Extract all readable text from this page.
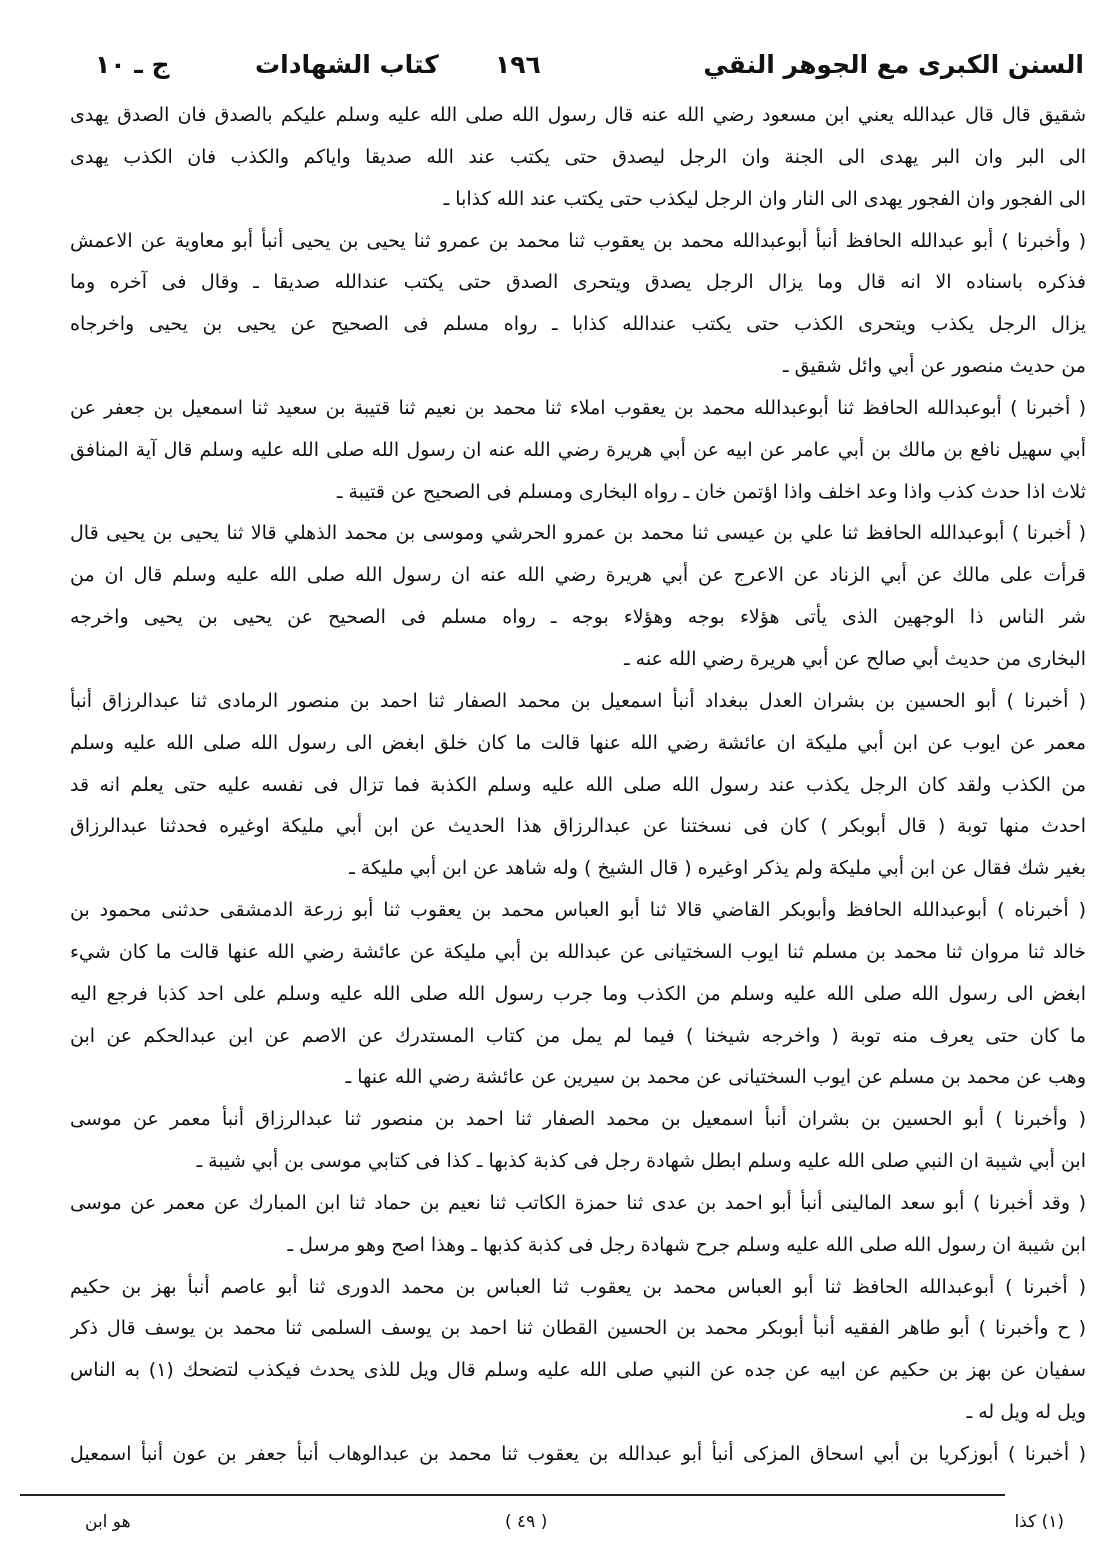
السنن الكبرى مع الجوهر النقي
١٩٦
كتاب الشهادات
ج ـ ١٠
شقيق قال قال عبدالله يعني ابن مسعود رضي الله عنه قال رسول الله صلى الله عليه وسلم عليكم بالصدق فان الصدق يهدى
الى البر وان البر يهدى الى الجنة وان الرجل ليصدق حتى يكتب عند الله صديقا واياكم والكذب فان الكذب يهدى
الى الفجور وان الفجور يهدى الى النار وان الرجل ليكذب حتى يكتب عند الله كذابا ـ
( وأخبرنا ) أبو عبدالله الحافظ أنبأ أبوعبدالله محمد بن يعقوب ثنا محمد بن عمرو ثنا يحيى بن يحيى أنبأ أبو معاوية عن الاعمش
فذكره باسناده الا انه قال وما يزال الرجل يصدق ويتحرى الصدق حتى يكتب عندالله صديقا ـ وقال فى آخره وما
يزال الرجل يكذب ويتحرى الكذب حتى يكتب عندالله كذابا ـ رواه مسلم فى الصحيح عن يحيى بن يحيى واخرجاه
من حديث منصور عن أبي وائل شقيق ـ
( أخبرنا ) أبوعبدالله الحافظ ثنا أبوعبدالله محمد بن يعقوب املاء ثنا محمد بن نعيم ثنا قتيبة بن سعيد ثنا اسمعيل بن جعفر عن
أبي سهيل نافع بن مالك بن أبي عامر عن ابيه عن أبي هريرة رضي الله عنه ان رسول الله صلى الله عليه وسلم قال آية المنافق
ثلاث اذا حدث كذب واذا وعد اخلف واذا اؤتمن خان ـ رواه البخارى ومسلم فى الصحيح عن قتيبة ـ
( أخبرنا ) أبوعبدالله الحافظ ثنا علي بن عيسى ثنا محمد بن عمرو الحرشي وموسى بن محمد الذهلي قالا ثنا يحيى بن يحيى قال
قرأت على مالك عن أبي الزناد عن الاعرج عن أبي هريرة رضي الله عنه ان رسول الله صلى الله عليه وسلم قال ان من
شر الناس ذا الوجهين الذى يأتى هؤلاء بوجه وهؤلاء بوجه ـ رواه مسلم فى الصحيح عن يحيى بن يحيى واخرجه
البخارى من حديث أبي صالح عن أبي هريرة رضي الله عنه ـ
( أخبرنا ) أبو الحسين بن بشران العدل ببغداد أنبأ اسمعيل بن محمد الصفار ثنا احمد بن منصور الرمادى ثنا عبدالرزاق أنبأ
معمر عن ايوب عن ابن أبي مليكة ان عائشة رضي الله عنها قالت ما كان خلق ابغض الى رسول الله صلى الله عليه وسلم
من الكذب ولقد كان الرجل يكذب عند رسول الله صلى الله عليه وسلم الكذبة فما تزال فى نفسه عليه حتى يعلم انه قد
احدث منها توبة ( قال أبوبكر ) كان فى نسختنا عن عبدالرزاق هذا الحديث عن ابن أبي مليكة اوغيره فحدثنا عبدالرزاق
بغير شك فقال عن ابن أبي مليكة ولم يذكر اوغيره ( قال الشيخ ) وله شاهد عن ابن أبي مليكة ـ
( أخبرناه ) أبوعبدالله الحافظ وأبوبكر القاضي قالا ثنا أبو العباس محمد بن يعقوب ثنا أبو زرعة الدمشقى حدثنى محمود بن
خالد ثنا مروان ثنا محمد بن مسلم ثنا ايوب السختيانى عن عبدالله بن أبي مليكة عن عائشة رضي الله عنها قالت ما كان شيء
ابغض الى رسول الله صلى الله عليه وسلم من الكذب وما جرب رسول الله صلى الله عليه وسلم على احد كذبا فرجع اليه
ما كان حتى يعرف منه توبة ( واخرجه شيخنا ) فيما لم يمل من كتاب المستدرك عن الاصم عن ابن عبدالحكم عن ابن
وهب عن محمد بن مسلم عن ايوب السختيانى عن محمد بن سيرين عن عائشة رضي الله عنها ـ
( وأخبرنا ) أبو الحسين بن بشران أنبأ اسمعيل بن محمد الصفار ثنا احمد بن منصور ثنا عبدالرزاق أنبأ معمر عن موسى
ابن أبي شيبة ان النبي صلى الله عليه وسلم ابطل شهادة رجل فى كذبة كذبها ـ كذا فى كتابي موسى بن أبي شيبة ـ
( وقد أخبرنا ) أبو سعد المالينى أنبأ أبو احمد بن عدى ثنا حمزة الكاتب ثنا نعيم بن حماد ثنا ابن المبارك عن معمر عن موسى
ابن شيبة ان رسول الله صلى الله عليه وسلم جرح شهادة رجل فى كذبة كذبها ـ وهذا اصح وهو مرسل ـ
( أخبرنا ) أبوعبدالله الحافظ ثنا أبو العباس محمد بن يعقوب ثنا العباس بن محمد الدورى ثنا أبو عاصم أنبأ بهز بن حكيم
( ح وأخبرنا ) أبو طاهر الفقيه أنبأ أبوبكر محمد بن الحسين القطان ثنا احمد بن يوسف السلمى ثنا محمد بن يوسف قال ذكر
سفيان عن بهز بن حكيم عن ابيه عن جده عن النبي صلى الله عليه وسلم قال ويل للذى يحدث فيكذب لتضحك (١) به الناس
ويل له ويل له ـ
( أخبرنا ) أبوزكريا بن أبي اسحاق المزكى أنبأ أبو عبدالله بن يعقوب ثنا محمد بن عبدالوهاب أنبأ جعفر بن عون أنبأ اسمعيل
(١) كذا
( ٤٩ )
هو ابن
